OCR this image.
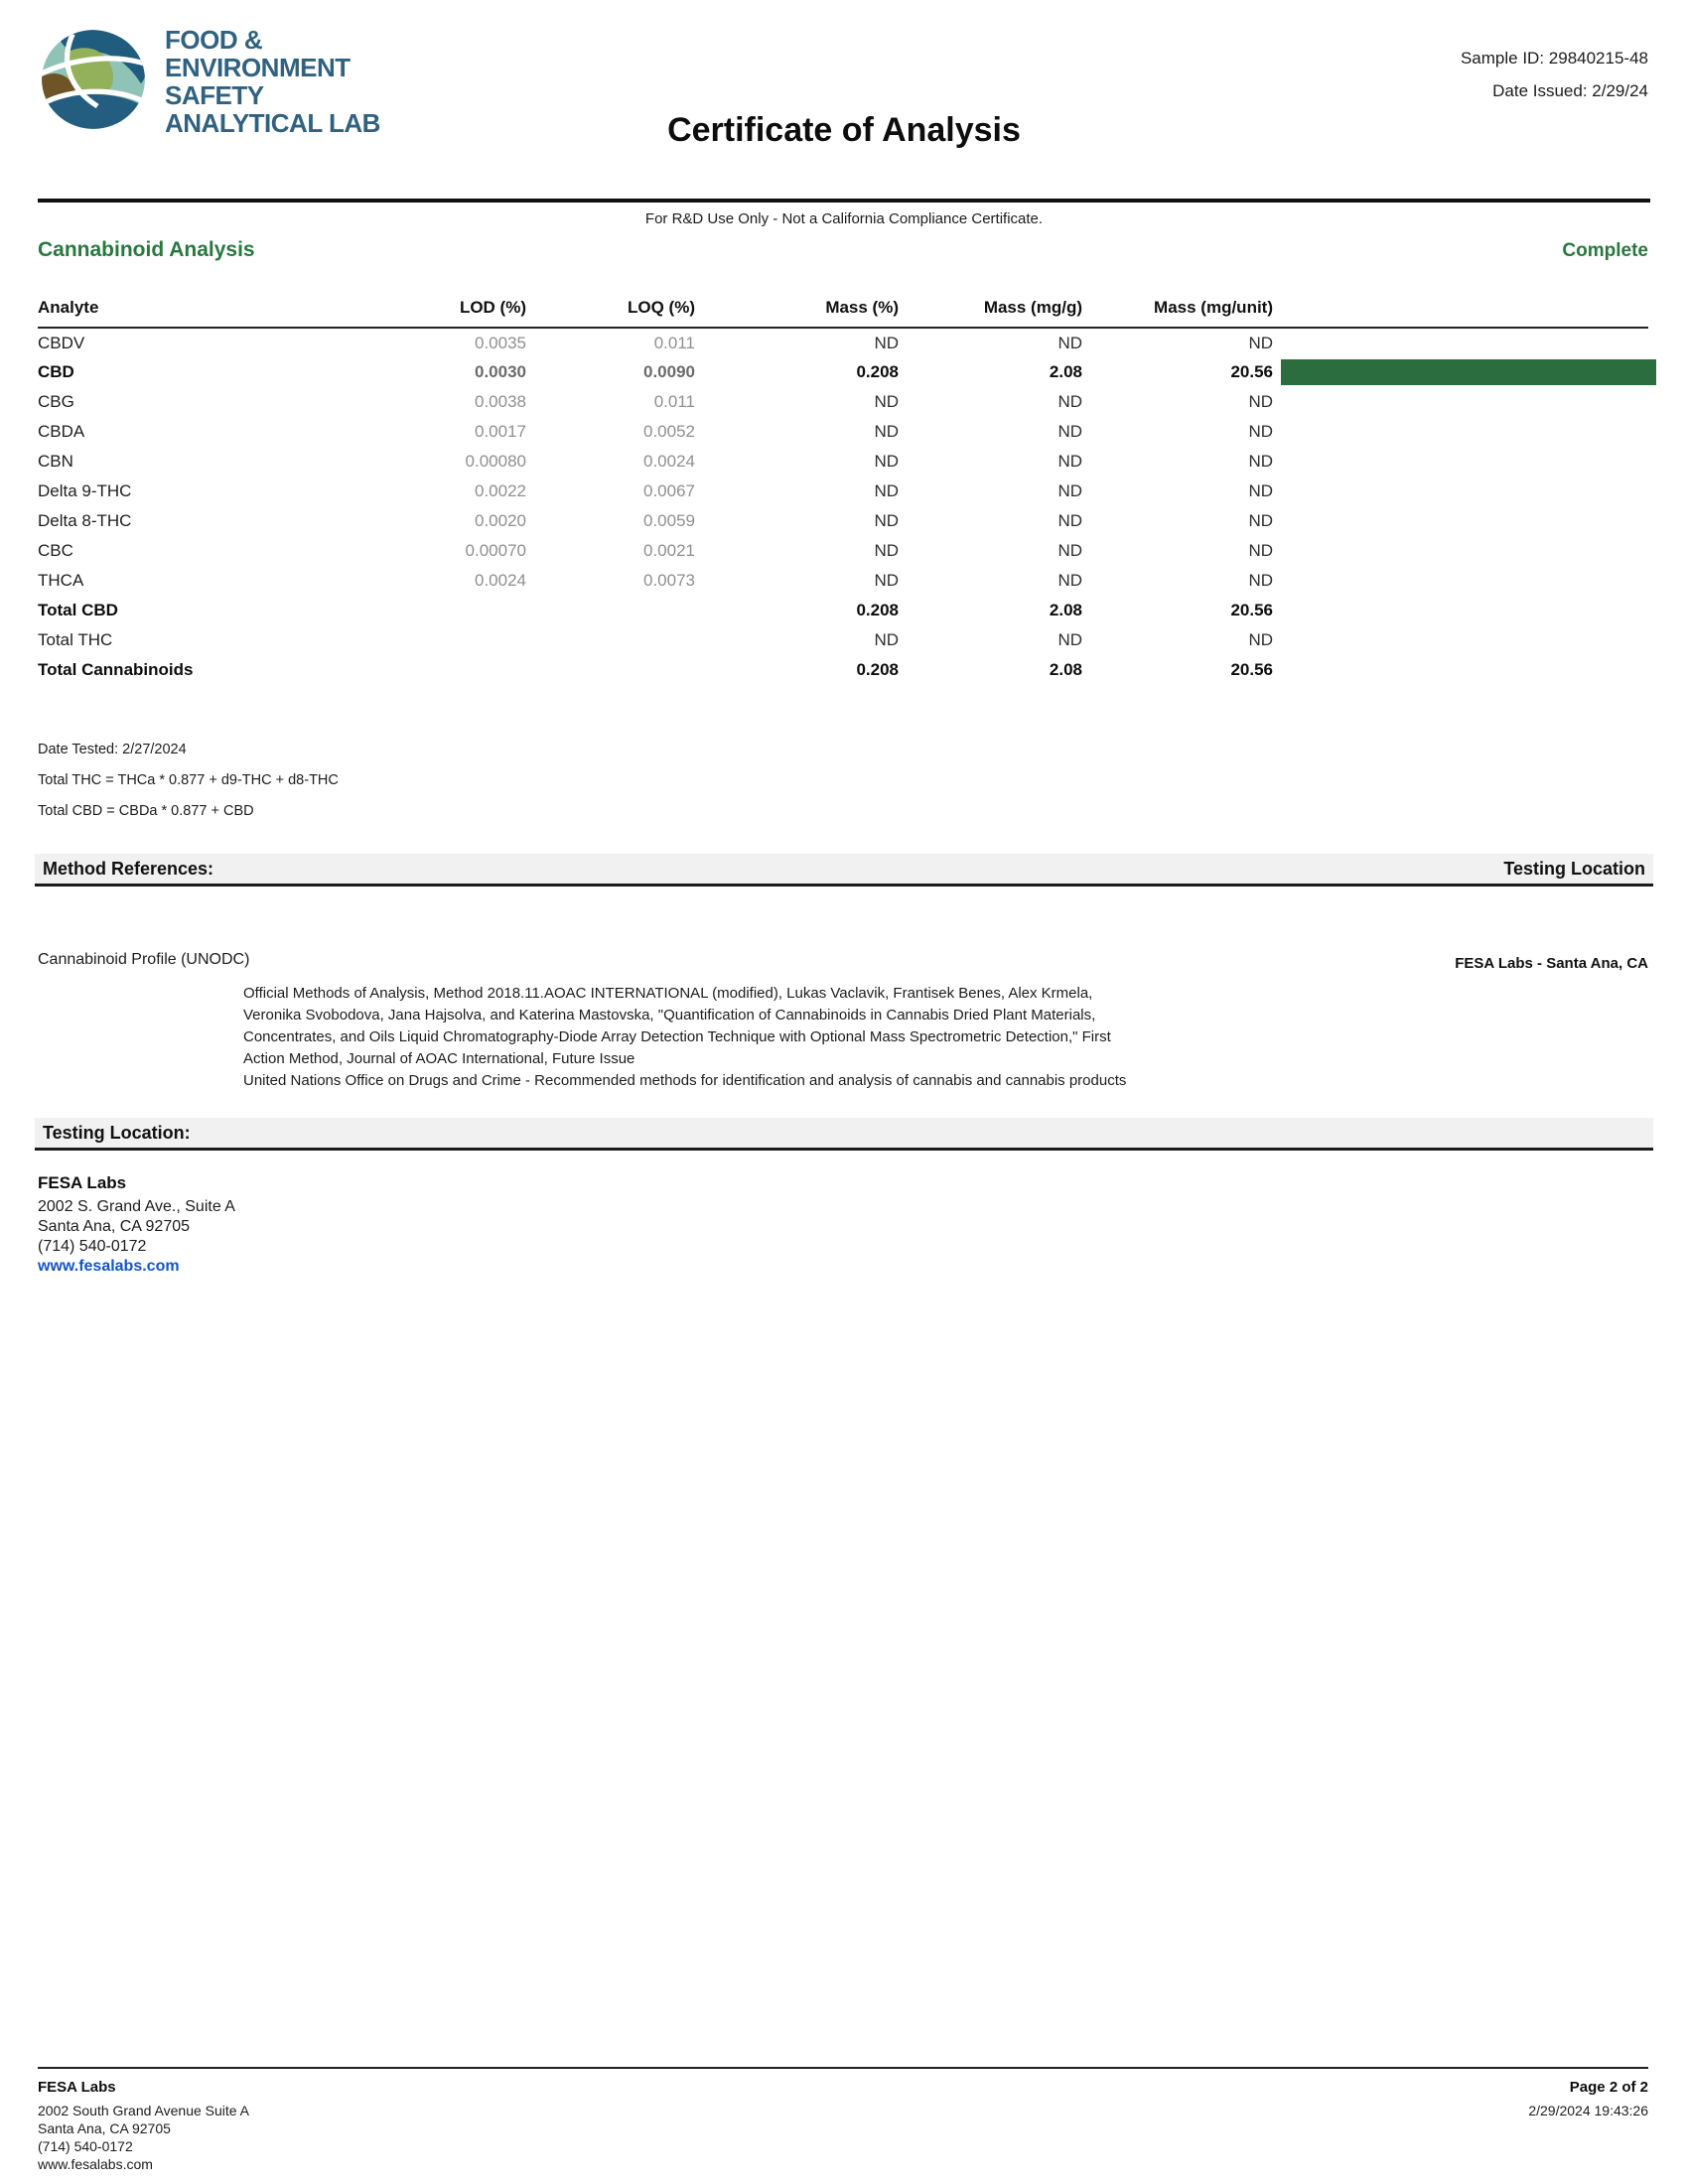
FOOD &
ENVIRONMENT
SAFETY
ANALYTICAL LAB
Sample ID: 29840215-48
Date Issued: 2/29/24
Certificate of Analysis
For R&D Use Only - Not a California Compliance Certificate.
Cannabinoid Analysis	Complete
Analyte	LOD (%)	LOQ (%)	Mass (%)	Mass (mg/g)	Mass (mg/unit)	
CBDV	0.0035	0.011	ND	ND	ND	
CBD	0.0030	0.0090	0.208	2.08	20.56	

CBG	0.0038	0.011	ND	ND	ND	
CBDA	0.0017	0.0052	ND	ND	ND	
CBN	0.00080	0.0024	ND	ND	ND	
Delta 9-THC	0.0022	0.0067	ND	ND	ND	
Delta 8-THC	0.0020	0.0059	ND	ND	ND	
CBC	0.00070	0.0021	ND	ND	ND	
THCA	0.0024	0.0073	ND	ND	ND	
Total CBD			0.208	2.08	20.56	
Total THC			ND	ND	ND	
Total Cannabinoids			0.208	2.08	20.56	

Date Tested: 2/27/2024

Total THC = THCa * 0.877 + d9-THC + d8-THC

Total CBD = CBDa * 0.877 + CBD

Method References:	Testing Location
Cannabinoid Profile (UNODC)	FESA Labs - Santa Ana, CA
Official Methods of Analysis, Method 2018.11.AOAC INTERNATIONAL (modified), Lukas Vaclavik, Frantisek Benes, Alex Krmela, Veronika Svobodova, Jana Hajsolva, and Katerina Mastovska, "Quantification of Cannabinoids in Cannabis Dried Plant Materials, Concentrates, and Oils Liquid Chromatography-Diode Array Detection Technique with Optional Mass Spectrometric Detection," First Action Method, Journal of AOAC International, Future Issue
United Nations Office on Drugs and Crime - Recommended methods for identification and analysis of cannabis and cannabis products
Testing Location:
FESA Labs
2002 S. Grand Ave., Suite A
Santa Ana, CA 92705
(714) 540-0172
www.fesalabs.com
FESA Labs
2002 South Grand Avenue Suite A
Santa Ana, CA 92705
(714) 540-0172
www.fesalabs.com
Page 2 of 2
2/29/2024 19:43:26
